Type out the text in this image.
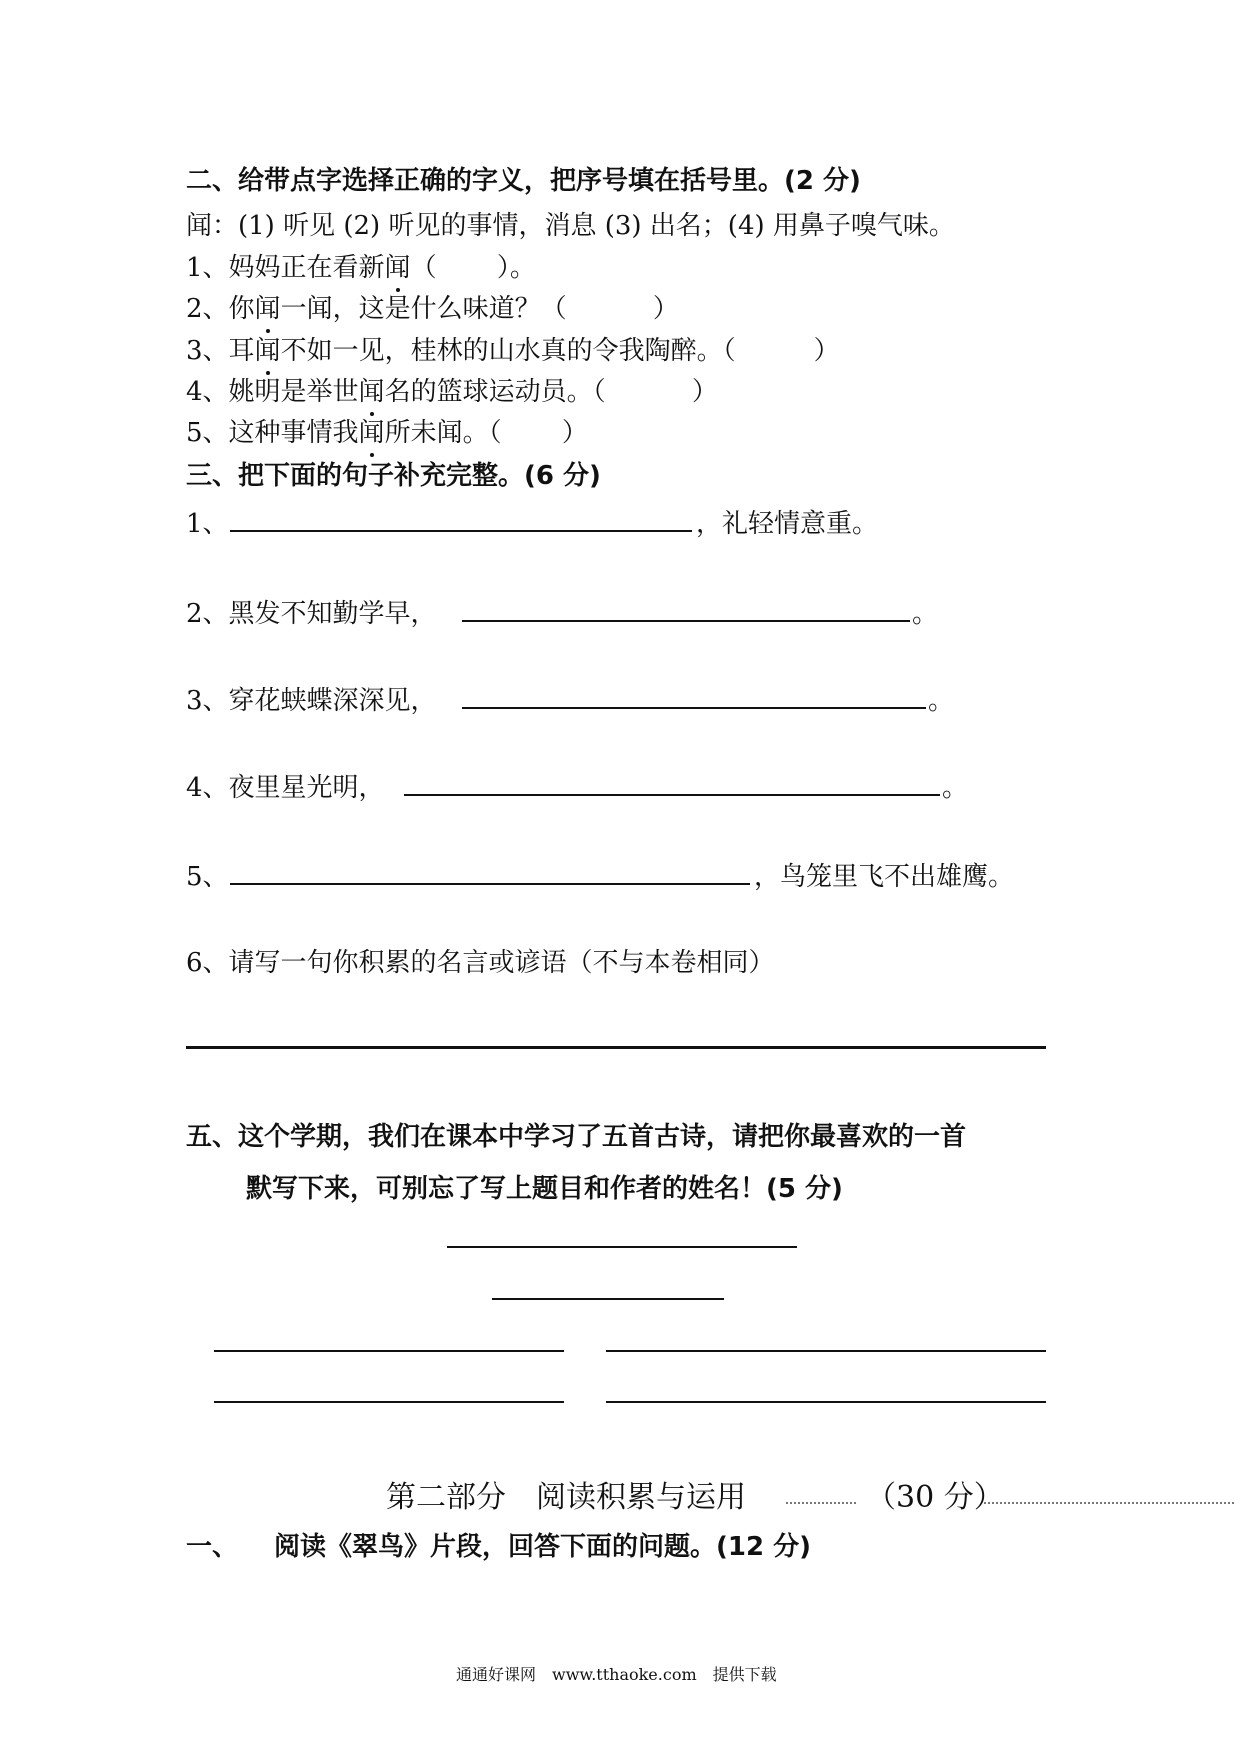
二、给带点字选择正确的字义，把序号填在括号里。(2 分)
闻：(1) 听见 (2) 听见的事情，消息 (3) 出名；(4) 用鼻子嗅气味。
1、妈妈正在看新闻（　　 ）。
2、你闻一闻，这是什么味道？（　　　 ）
3、耳闻不如一见，桂林的山水真的令我陶醉。（　　　）
4、姚明是举世闻名的篮球运动员。（　　　 ）
5、这种事情我闻所未闻。（　　 ）
三、把下面的句子补充完整。(6 分)
1、	，礼轻情意重。
2、黑发不知勤学早，	。
3、穿花蛱蝶深深见，	。
4、夜里星光明，	。
5、	，鸟笼里飞不出雄鹰。
6、请写一句你积累的名言或谚语（不与本卷相同）
五、这个学期，我们在课本中学习了五首古诗，请把你最喜欢的一首
默写下来，可别忘了写上题目和作者的姓名！(5 分)
第二部分　阅读积累与运用	（30 分）
一、 阅读《翠鸟》片段，回答下面的问题。(12 分)
通通好课网　www.tthaoke.com　提供下载
